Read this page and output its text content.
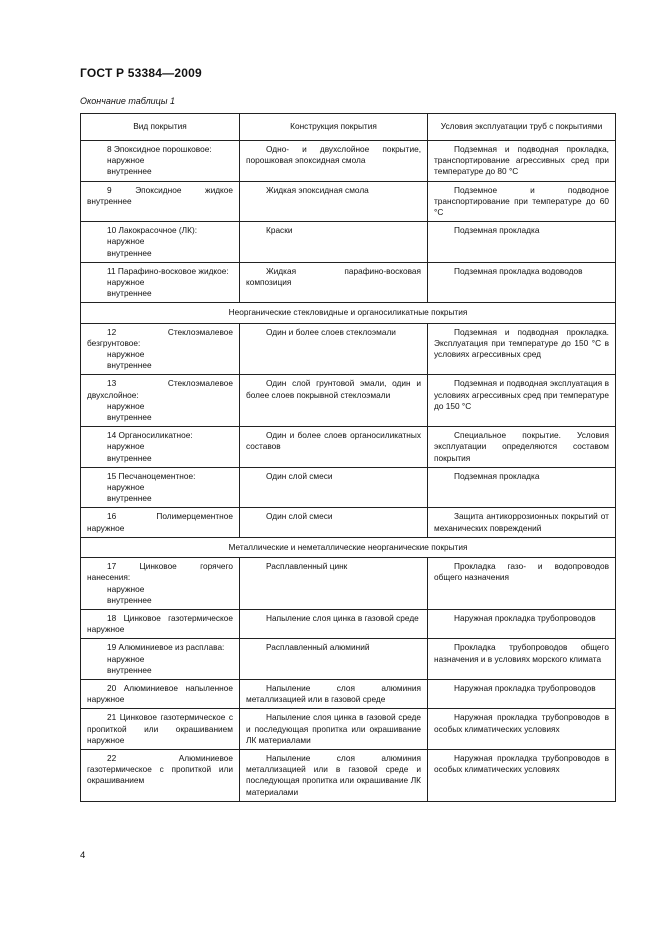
ГОСТ Р 53384—2009
Окончание таблицы 1
Вид покрытия	Конструкция покрытия	Условия эксплуатации труб с покрытиями

8 Эпоксидное порошковое:
наружное
внутреннее	Одно- и двухслойное покрытие, порошковая эпоксидная смола	Подземная и подводная прокладка, транспортирование агрессивных сред при температуре до 80 °С

9 Эпоксидное жидкое внутреннее	Жидкая эпоксидная смола	Подземное и подводное транспортирование при температуре до 60 °С

10 Лакокрасочное (ЛК):
наружное
внутреннее	Краски	Подземная прокладка

11 Парафино-восковое жидкое:
наружное
внутреннее	Жидкая парафино-восковая композиция	Подземная прокладка водоводов

Неорганические стекловидные и органосиликатные покрытия		

12 Стеклоэмалевое безгрунтовое:
наружное
внутреннее	Один и более слоев стеклоэмали	Подземная и подводная прокладка. Эксплуатация при температуре до 150 °С в условиях агрессивных сред

13 Стеклоэмалевое двухслойное:
наружное
внутреннее	Один слой грунтовой эмали, один и более слоев покрывной стеклоэмали	Подземная и подводная эксплуатация в условиях агрессивных сред при температуре до 150 °С

14 Органосиликатное:
наружное
внутреннее	Один и более слоев органосиликатных составов	Специальное покрытие. Условия эксплуатации определяются составом покрытия

15 Песчаноцементное:
наружное
внутреннее	Один слой смеси	Подземная прокладка

16 Полимерцементное наружное	Один слой смеси	Защита антикоррозионных покрытий от механических повреждений

Металлические и неметаллические неорганические покрытия		

17 Цинковое горячего нанесения:
наружное
внутреннее	Расплавленный цинк	Прокладка газо- и водопроводов общего назначения

18 Цинковое газотермическое наружное	Напыление слоя цинка в газовой среде	Наружная прокладка трубопроводов

19 Алюминиевое из расплава:
наружное
внутреннее	Расплавленный алюминий	Прокладка трубопроводов общего назначения и в условиях морского климата

20 Алюминиевое напыленное наружное	Напыление слоя алюминия металлизацией или в газовой среде	Наружная прокладка трубопроводов

21 Цинковое газотермическое с пропиткой или окрашиванием наружное	Напыление слоя цинка в газовой среде и последующая пропитка или окрашивание ЛК материалами	Наружная прокладка трубопроводов в особых климатических условиях

22 Алюминиевое газотермическое с пропиткой или окрашиванием	Напыление слоя алюминия металлизацией или в газовой среде и последующая пропитка или окрашивание ЛК материалами	Наружная прокладка трубопроводов в особых климатических условиях
4
